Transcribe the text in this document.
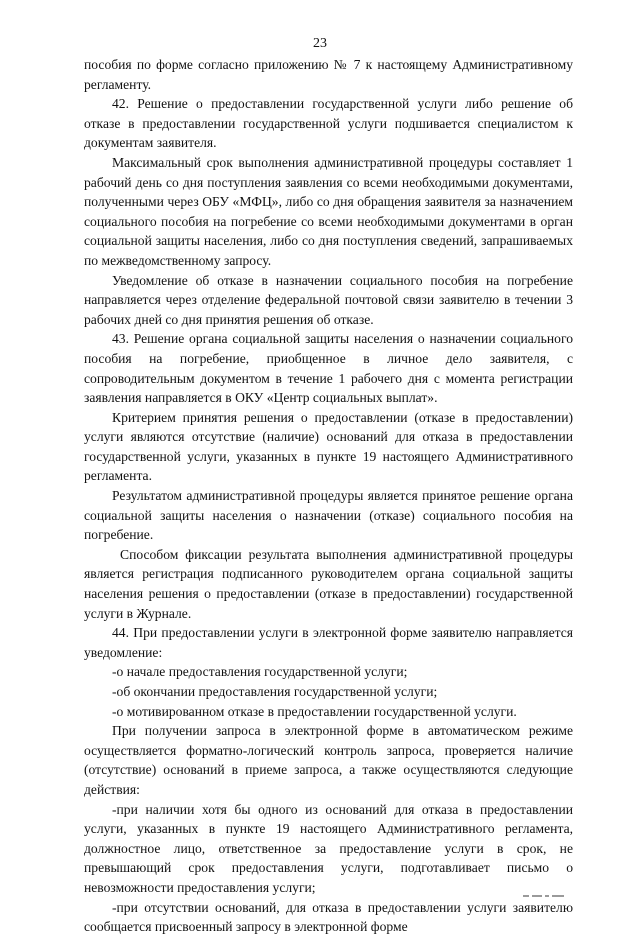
23

пособия по форме согласно приложению № 7 к настоящему Административному регламенту.

42. Решение о предоставлении государственной услуги либо решение об отказе в предоставлении государственной услуги подшивается специалистом к документам заявителя.

Максимальный срок выполнения административной процедуры составляет 1 рабочий день со дня поступления заявления со всеми необходимыми документами, полученными через ОБУ «МФЦ», либо со дня обращения заявителя за назначением социального пособия на погребение со всеми необходимыми документами в орган социальной защиты населения, либо со дня поступления сведений, запрашиваемых по межведомственному запросу.

Уведомление об отказе в назначении социального пособия на погребение направляется через отделение федеральной почтовой связи заявителю в течении 3 рабочих дней со дня принятия решения об отказе.

43. Решение органа социальной защиты населения о назначении социального пособия на погребение, приобщенное в личное дело заявителя, с сопроводительным документом в течение 1 рабочего дня с момента регистрации заявления направляется в ОКУ «Центр социальных выплат».

Критерием принятия решения о предоставлении (отказе в предоставлении) услуги являются отсутствие (наличие) оснований для отказа в предоставлении государственной услуги, указанных в пункте 19 настоящего Административного регламента.

Результатом административной процедуры является принятое решение органа социальной защиты населения о назначении (отказе) социального пособия на погребение.

Способом фиксации результата выполнения административной процедуры является регистрация подписанного руководителем органа социальной защиты населения решения о предоставлении (отказе в предоставлении) государственной услуги в Журнале.

44. При предоставлении услуги в электронной форме заявителю направляется уведомление:

-о начале предоставления государственной услуги;

-об окончании предоставления государственной услуги;

-о мотивированном отказе в предоставлении государственной услуги.

При получении запроса в электронной форме в автоматическом режиме осуществляется форматно-логический контроль запроса, проверяется наличие (отсутствие) оснований в приеме запроса, а также осуществляются следующие действия:

-при наличии хотя бы одного из оснований для отказа в предоставлении услуги, указанных в пункте 19 настоящего Административного регламента, должностное лицо, ответственное за предоставление услуги в срок, не превышающий срок предоставления услуги, подготавливает письмо о невозможности предоставления услуги;

-при отсутствии оснований, для отказа в предоставлении услуги заявителю сообщается присвоенный запросу в электронной форме
